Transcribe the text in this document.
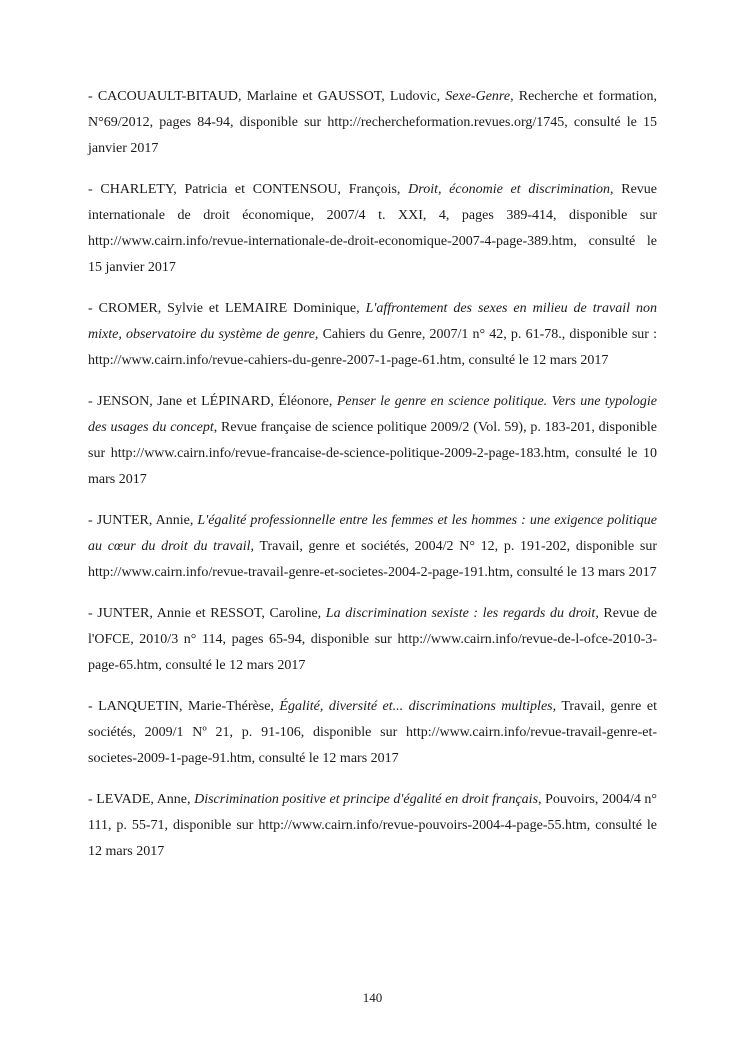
- CACOUAULT-BITAUD, Marlaine et GAUSSOT, Ludovic, Sexe-Genre, Recherche et formation, N°69/2012, pages 84-94, disponible sur http://rechercheformation.revues.org/1745, consulté le 15 janvier 2017

- CHARLETY, Patricia et CONTENSOU, François, Droit, économie et discrimination, Revue internationale de droit économique, 2007/4 t. XXI, 4, pages 389-414, disponible sur http://www.cairn.info/revue-internationale-de-droit-economique-2007-4-page-389.htm, consulté le 15 janvier 2017

- CROMER, Sylvie et LEMAIRE Dominique, L'affrontement des sexes en milieu de travail non mixte, observatoire du système de genre, Cahiers du Genre, 2007/1 n° 42, p. 61-78., disponible sur : http://www.cairn.info/revue-cahiers-du-genre-2007-1-page-61.htm, consulté le 12 mars 2017

- JENSON, Jane et LÉPINARD, Éléonore, Penser le genre en science politique. Vers une typologie des usages du concept, Revue française de science politique 2009/2 (Vol. 59), p. 183-201, disponible sur http://www.cairn.info/revue-francaise-de-science-politique-2009-2-page-183.htm, consulté le 10 mars 2017

- JUNTER, Annie, L'égalité professionnelle entre les femmes et les hommes : une exigence politique au cœur du droit du travail, Travail, genre et sociétés, 2004/2 N° 12, p. 191-202, disponible sur http://www.cairn.info/revue-travail-genre-et-societes-2004-2-page-191.htm, consulté le 13 mars 2017

- JUNTER, Annie et RESSOT, Caroline, La discrimination sexiste : les regards du droit, Revue de l'OFCE, 2010/3 n° 114, pages 65-94, disponible sur http://www.cairn.info/revue-de-l-ofce-2010-3-page-65.htm, consulté le 12 mars 2017

- LANQUETIN, Marie-Thérèse, Égalité, diversité et... discriminations multiples, Travail, genre et sociétés, 2009/1 Nº 21, p. 91-106, disponible sur http://www.cairn.info/revue-travail-genre-et-societes-2009-1-page-91.htm, consulté le 12 mars 2017

- LEVADE, Anne, Discrimination positive et principe d'égalité en droit français, Pouvoirs, 2004/4 n° 111, p. 55-71, disponible sur http://www.cairn.info/revue-pouvoirs-2004-4-page-55.htm, consulté le 12 mars 2017

140
